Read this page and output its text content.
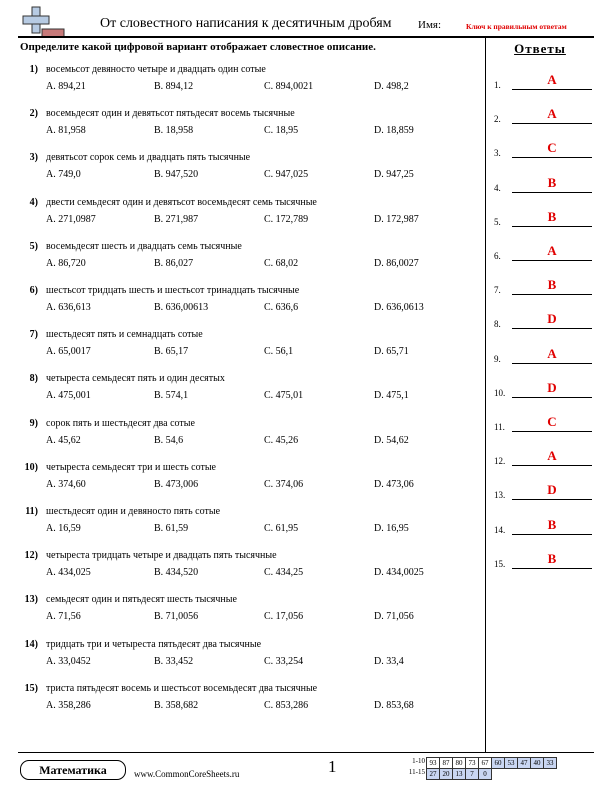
От словестного написания к десятичным дробям Имя:	Ключ к правильным ответам
Определите какой цифровой вариант отображает словестное описание.	Ответы
1) восемьсот девяносто четыре и двадцать один сотые
A. 894,21	B. 894,12	C. 894,0021	D. 498,2
2) восемьдесят один и девятьсот пятьдесят восемь тысячные
A. 81,958	B. 18,958	C. 18,95	D. 18,859
3) девятьсот сорок семь и двадцать пять тысячные
A. 749,0	B. 947,520	C. 947,025	D. 947,25
4) двести семьдесят один и девятьсот восемьдесят семь тысячные
A. 271,0987	B. 271,987	C. 172,789	D. 172,987
5) восемьдесят шесть и двадцать семь тысячные
A. 86,720	B. 86,027	C. 68,02	D. 86,0027
6) шестьсот тридцать шесть и шестьсот тринадцать тысячные
A. 636,613	B. 636,00613	C. 636,6	D. 636,0613
7) шестьдесят пять и семнадцать сотые
A. 65,0017	B. 65,17	C. 56,1	D. 65,71
8) четыреста семьдесят пять и один десятых
A. 475,001	B. 574,1	C. 475,01	D. 475,1
9) сорок пять и шестьдесят два сотые
A. 45,62	B. 54,6	C. 45,26	D. 54,62
10) четыреста семьдесят три и шесть сотые
A. 374,60	B. 473,006	C. 374,06	D. 473,06
11) шестьдесят один и девяносто пять сотые
A. 16,59	B. 61,59	C. 61,95	D. 16,95
12) четыреста тридцать четыре и двадцать пять тысячные
A. 434,025	B. 434,520	C. 434,25	D. 434,0025
13) семьдесят один и пятьдесят шесть тысячные
A. 71,56	B. 71,0056	C. 17,056	D. 71,056
14) тридцать три и четыреста пятьдесят два тысячные
A. 33,0452	B. 33,452	C. 33,254	D. 33,4
15) триста пятьдесят восемь и шестьсот восемьдесят два тысячные
A. 358,286	B. 358,682	C. 853,286	D. 853,68
1.	A
2.	A
3.	C
4.	B
5.	B
6.	A
7.	B
8.	D
9.	A
10.	D
11.	C
12.	A
13.	D
14.	B
15.	B
Математика	www.CommonCoreSheets.ru	1	1-10 93 87 80 73 67 60 53 47 40 33
11-15 27 20 13	7	0
